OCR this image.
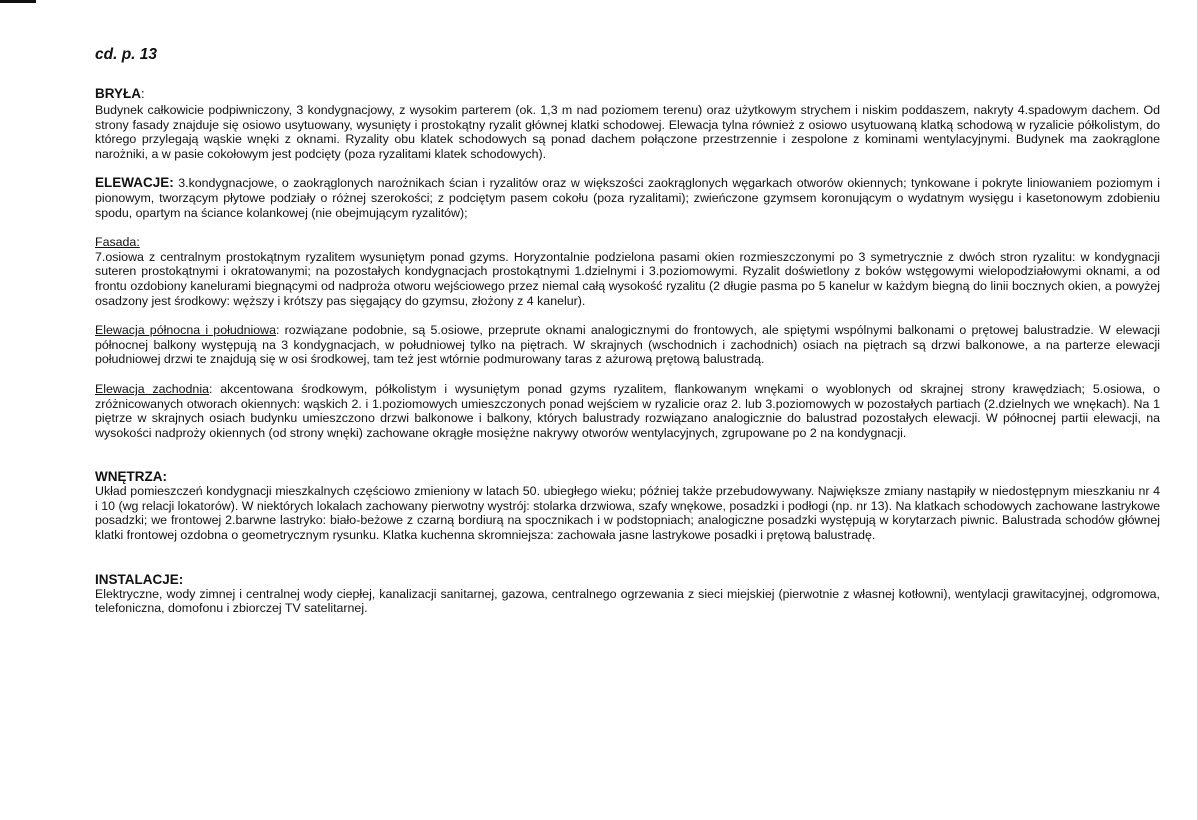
cd. p. 13
BRYŁA:

Budynek całkowicie podpiwniczony, 3 kondygnacjowy, z wysokim parterem (ok. 1,3 m nad poziomem terenu) oraz użytkowym strychem i niskim poddaszem, nakryty 4.spadowym dachem. Od strony fasady znajduje się osiowo usytuowany, wysunięty i prostokątny ryzalit głównej klatki schodowej. Elewacja tylna również z osiowo usytuowaną klatką schodową w ryzalicie półkolistym, do którego przylegają wąskie wnęki z oknami. Ryzality obu klatek schodowych są ponad dachem połączone przestrzennie i zespolone z kominami wentylacyjnymi. Budynek ma zaokrąglone narożniki, a w pasie cokołowym jest podcięty (poza ryzalitami klatek schodowych).

ELEWACJE: 3.kondygnacjowe, o zaokrąglonych narożnikach ścian i ryzalitów oraz w większości zaokrąglonych węgarkach otworów okiennych; tynkowane i pokryte liniowaniem poziomym i pionowym, tworzącym płytowe podziały o różnej szerokości; z podciętym pasem cokołu (poza ryzalitami); zwieńczone gzymsem koronującym o wydatnym wysięgu i kasetonowym zdobieniu spodu, opartym na ściance kolankowej (nie obejmującym ryzalitów);

Fasada:

7.osiowa z centralnym prostokątnym ryzalitem wysuniętym ponad gzyms. Horyzontalnie podzielona pasami okien rozmieszczonymi po 3 symetrycznie z dwóch stron ryzalitu: w kondygnacji suteren prostokątnymi i okratowanymi; na pozostałych kondygnacjach prostokątnymi 1.dzielnymi i 3.poziomowymi. Ryzalit doświetlony z boków wstęgowymi wielopodziałowymi oknami, a od frontu ozdobiony kanelurami biegnącymi od nadproża otworu wejściowego przez niemal całą wysokość ryzalitu (2 długie pasma po 5 kanelur w każdym biegną do linii bocznych okien, a powyżej osadzony jest środkowy: węższy i krótszy pas sięgający do gzymsu, złożony z 4 kanelur).

Elewacja północna i południowa: rozwiązane podobnie, są 5.osiowe, przeprute oknami analogicznymi do frontowych, ale spiętymi wspólnymi balkonami o prętowej balustradzie. W elewacji północnej balkony występują na 3 kondygnacjach, w południowej tylko na piętrach. W skrajnych (wschodnich i zachodnich) osiach na piętrach są drzwi balkonowe, a na parterze elewacji południowej drzwi te znajdują się w osi środkowej, tam też jest wtórnie podmurowany taras z ażurową prętową balustradą.

Elewacja zachodnia: akcentowana środkowym, półkolistym i wysuniętym ponad gzyms ryzalitem, flankowanym wnękami o wyoblonych od skrajnej strony krawędziach; 5.osiowa, o zróżnicowanych otworach okiennych: wąskich 2. i 1.poziomowych umieszczonych ponad wejściem w ryzalicie oraz 2. lub 3.poziomowych w pozostałych partiach (2.dzielnych we wnękach). Na 1 piętrze w skrajnych osiach budynku umieszczono drzwi balkonowe i balkony, których balustrady rozwiązano analogicznie do balustrad pozostałych elewacji. W północnej partii elewacji, na wysokości nadproży okiennych (od strony wnęki) zachowane okrągłe mosiężne nakrywy otworów wentylacyjnych, zgrupowane po 2 na kondygnacji.

WNĘTRZA:

Układ pomieszczeń kondygnacji mieszkalnych częściowo zmieniony w latach 50. ubiegłego wieku; później także przebudowywany. Największe zmiany nastąpiły w niedostępnym mieszkaniu nr 4 i 10 (wg relacji lokatorów). W niektórych lokalach zachowany pierwotny wystrój: stolarka drzwiowa, szafy wnękowe, posadzki i podłogi (np. nr 13). Na klatkach schodowych zachowane lastrykowe posadzki; we frontowej 2.barwne lastryko: biało-beżowe z czarną bordiurą na spocznikach i w podstopniach; analogiczne posadzki występują w korytarzach piwnic. Balustrada schodów głównej klatki frontowej ozdobna o geometrycznym rysunku. Klatka kuchenna skromniejsza: zachowała jasne lastrykowe posadki i prętową balustradę.

INSTALACJE:

Elektryczne, wody zimnej i centralnej wody ciepłej, kanalizacji sanitarnej, gazowa, centralnego ogrzewania z sieci miejskiej (pierwotnie z własnej kotłowni), wentylacji grawitacyjnej, odgromowa, telefoniczna, domofonu i zbiorczej TV satelitarnej.
